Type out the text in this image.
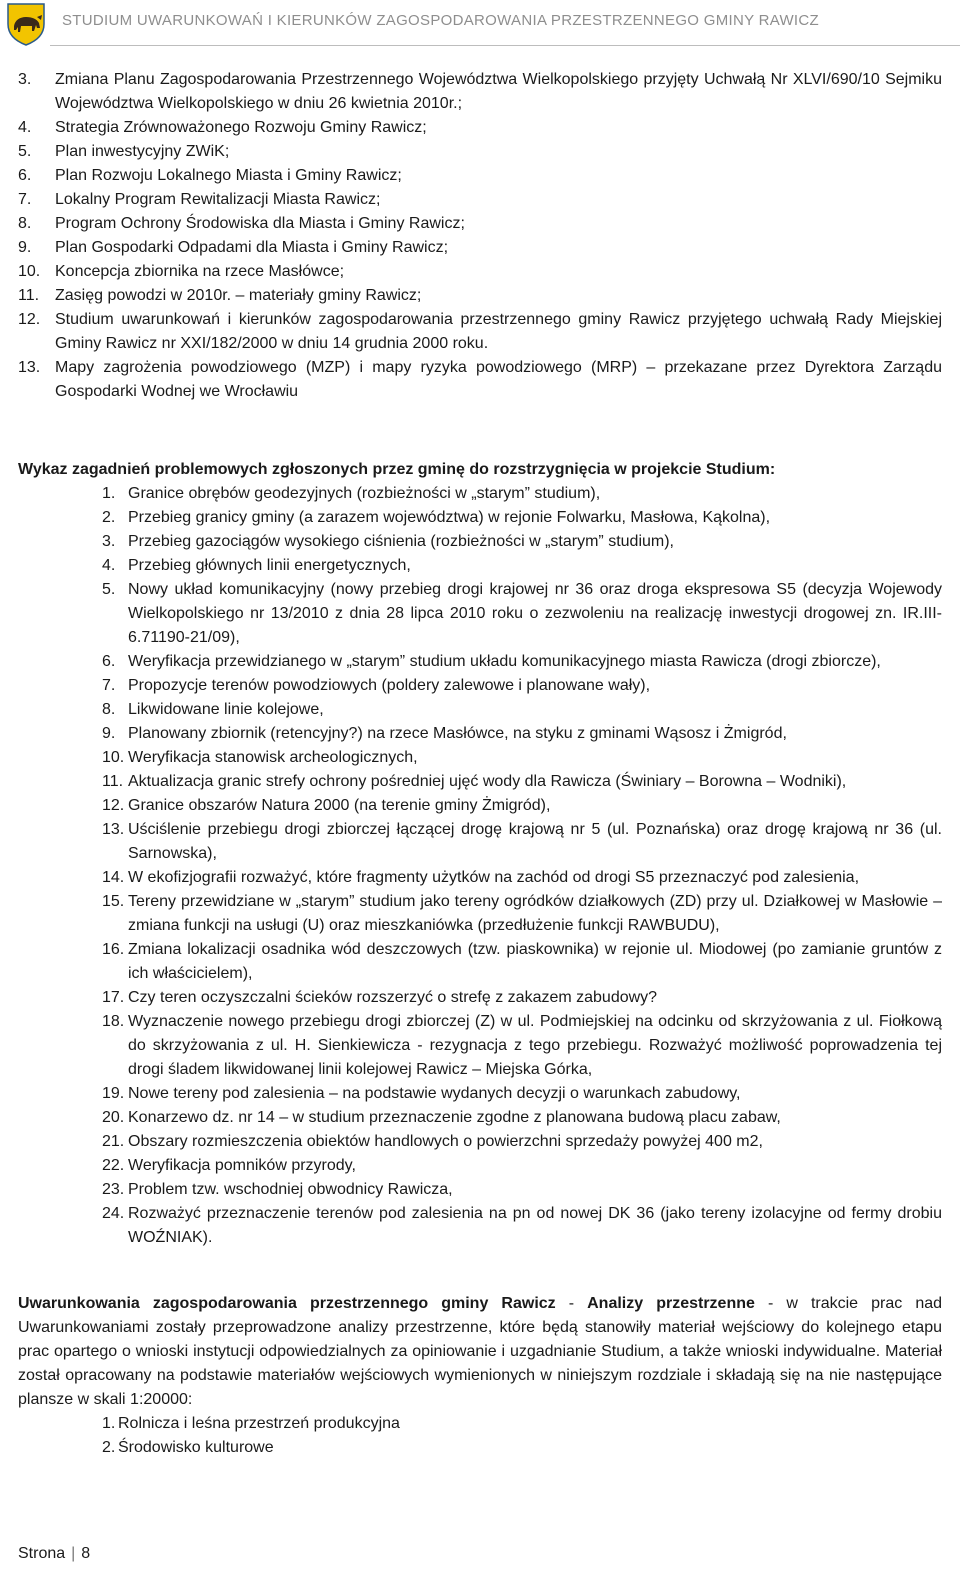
STUDIUM UWARUNKOWAŃ I KIERUNKÓW ZAGOSPODAROWANIA PRZESTRZENNEGO GMINY RAWICZ
3. Zmiana Planu Zagospodarowania Przestrzennego Województwa Wielkopolskiego przyjęty Uchwałą Nr XLVI/690/10 Sejmiku Województwa Wielkopolskiego w dniu 26 kwietnia 2010r.;
4. Strategia Zrównoważonego Rozwoju Gminy Rawicz;
5. Plan inwestycyjny ZWiK;
6. Plan Rozwoju Lokalnego Miasta i Gminy Rawicz;
7. Lokalny Program Rewitalizacji Miasta Rawicz;
8. Program Ochrony Środowiska dla Miasta i Gminy Rawicz;
9. Plan Gospodarki Odpadami dla Miasta i Gminy Rawicz;
10. Koncepcja zbiornika na rzece Masłówce;
11. Zasięg powodzi w 2010r. – materiały gminy Rawicz;
12. Studium uwarunkowań i kierunków zagospodarowania przestrzennego gminy Rawicz przyjętego uchwałą Rady Miejskiej Gminy Rawicz nr XXI/182/2000 w dniu 14 grudnia 2000 roku.
13. Mapy zagrożenia powodziowego (MZP) i mapy ryzyka powodziowego (MRP) – przekazane przez Dyrektora Zarządu Gospodarki Wodnej we Wrocławiu

Wykaz zagadnień problemowych zgłoszonych przez gminę do rozstrzygnięcia w projekcie Studium:

1. Granice obrębów geodezyjnych (rozbieżności w „starym” studium),
2. Przebieg granicy gminy (a zarazem województwa) w rejonie Folwarku, Masłowa, Kąkolna),
3. Przebieg gazociągów wysokiego ciśnienia (rozbieżności w „starym” studium),
4. Przebieg głównych linii energetycznych,
5. Nowy układ komunikacyjny (nowy przebieg drogi krajowej nr 36 oraz droga ekspresowa S5 (decyzja Wojewody Wielkopolskiego nr 13/2010 z dnia 28 lipca 2010 roku o zezwoleniu na realizację inwestycji drogowej zn. IR.III-6.71190-21/09),
6. Weryfikacja przewidzianego w „starym” studium układu komunikacyjnego miasta Rawicza (drogi zbiorcze),
7. Propozycje terenów powodziowych (poldery zalewowe i planowane wały),
8. Likwidowane linie kolejowe,
9. Planowany zbiornik (retencyjny?) na rzece Masłówce, na styku z gminami Wąsosz i Żmigród,
10. Weryfikacja stanowisk archeologicznych,
11. Aktualizacja granic strefy ochrony pośredniej ujęć wody dla Rawicza (Świniary – Borowna – Wodniki),
12. Granice obszarów Natura 2000 (na terenie gminy Żmigród),
13. Uściślenie przebiegu drogi zbiorczej łączącej drogę krajową nr 5 (ul. Poznańska) oraz drogę krajową nr 36 (ul. Sarnowska),
14. W ekofizjografii rozważyć, które fragmenty użytków na zachód od drogi S5 przeznaczyć pod zalesienia,
15. Tereny przewidziane w „starym” studium jako tereny ogródków działkowych (ZD) przy ul. Działkowej w Masłowie – zmiana funkcji na usługi (U) oraz mieszkaniówka (przedłużenie funkcji RAWBUDU),
16. Zmiana lokalizacji osadnika wód deszczowych (tzw. piaskownika) w rejonie ul. Miodowej (po zamianie gruntów z ich właścicielem),
17. Czy teren oczyszczalni ścieków rozszerzyć o strefę z zakazem zabudowy?
18. Wyznaczenie nowego przebiegu drogi zbiorczej (Z) w ul. Podmiejskiej na odcinku od skrzyżowania z ul. Fiołkową do skrzyżowania z ul. H. Sienkiewicza - rezygnacja z tego przebiegu. Rozważyć możliwość poprowadzenia tej drogi śladem likwidowanej linii kolejowej Rawicz – Miejska Górka,
19. Nowe tereny pod zalesienia – na podstawie wydanych decyzji o warunkach zabudowy,
20. Konarzewo dz. nr 14 – w studium przeznaczenie zgodne z planowana budową placu zabaw,
21. Obszary rozmieszczenia obiektów handlowych o powierzchni sprzedaży powyżej 400 m2,
22. Weryfikacja pomników przyrody,
23. Problem tzw. wschodniej obwodnicy Rawicza,
24. Rozważyć przeznaczenie terenów pod zalesienia na pn od nowej DK 36 (jako tereny izolacyjne od fermy drobiu WOŹNIAK).

Uwarunkowania zagospodarowania przestrzennego gminy Rawicz - Analizy przestrzenne - w trakcie prac nad Uwarunkowaniami zostały przeprowadzone analizy przestrzenne, które będą stanowiły materiał wejściowy do kolejnego etapu prac opartego o wnioski instytucji odpowiedzialnych za opiniowanie i uzgadnianie Studium, a także wnioski indywidualne. Materiał został opracowany na podstawie materiałów wejściowych wymienionych w niniejszym rozdziale i składają się na nie następujące plansze w skali 1:20000:

1. Rolnicza i leśna przestrzeń produkcyjna
2. Środowisko kulturowe
Strona | 8
